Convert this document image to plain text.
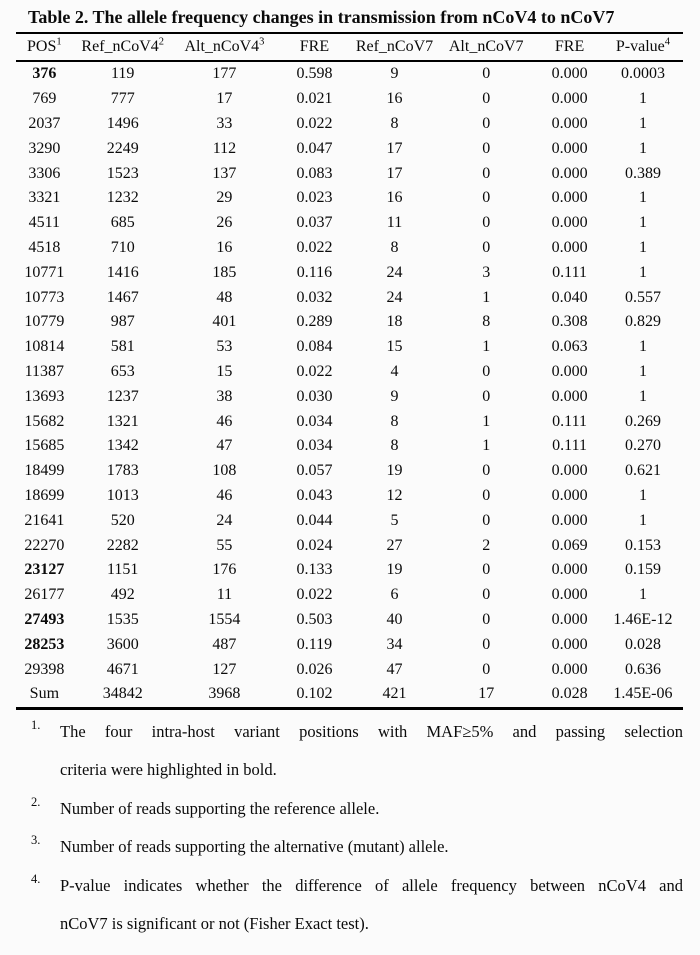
Table 2. The allele frequency changes in transmission from nCoV4 to nCoV7
POS$^1$	$Ref\_nCoV4^2$	$Alt\_nCoV4^3$	FRE	Ref_nCoV7	Alt_nCoV7	FRE	P-value$^4$
376	119	177	0.598	9	0	0.000	0.0003
769	777	17	0.021	16	0	0.000	1
2037	1496	33	0.022	8	0	0.000	1
3290	2249	112	0.047	17	0	0.000	1
3306	1523	137	0.083	17	0	0.000	0.389
3321	1232	29	0.023	16	0	0.000	1
4511	685	26	0.037	11	0	0.000	1
4518	710	16	0.022	8	0	0.000	1
10771	1416	185	0.116	24	3	0.111	1
10773	1467	48	0.032	24	1	0.040	0.557
10779	987	401	0.289	18	8	0.308	0.829
10814	581	53	0.084	15	1	0.063	1
11387	653	15	0.022	4	0	0.000	1
13693	1237	38	0.030	9	0	0.000	1
15682	1321	46	0.034	8	1	0.111	0.269
15685	1342	47	0.034	8	1	0.111	0.270
18499	1783	108	0.057	19	0	0.000	0.621
18699	1013	46	0.043	12	0	0.000	1
21641	520	24	0.044	5	0	0.000	1
22270	2282	55	0.024	27	2	0.069	0.153
23127	1151	176	0.133	19	0	0.000	0.159
26177	492	11	0.022	6	0	0.000	1
27493	1535	1554	0.503	40	0	0.000	1.46E-12
28253	3600	487	0.119	34	0	0.000	0.028
29398	4671	127	0.026	47	0	0.000	0.636
Sum	34842	3968	0.102	421	17	0.028	1.45E-06
1.	The four intra-host variant positions with MAF≥5% and passing selection
criteria were highlighted in bold.
2.	Number of reads supporting the reference allele.
3.	Number of reads supporting the alternative (mutant) allele.
4.	P-value indicates whether the difference of allele frequency between nCoV4 and
nCoV7 is significant or not (Fisher Exact test).
